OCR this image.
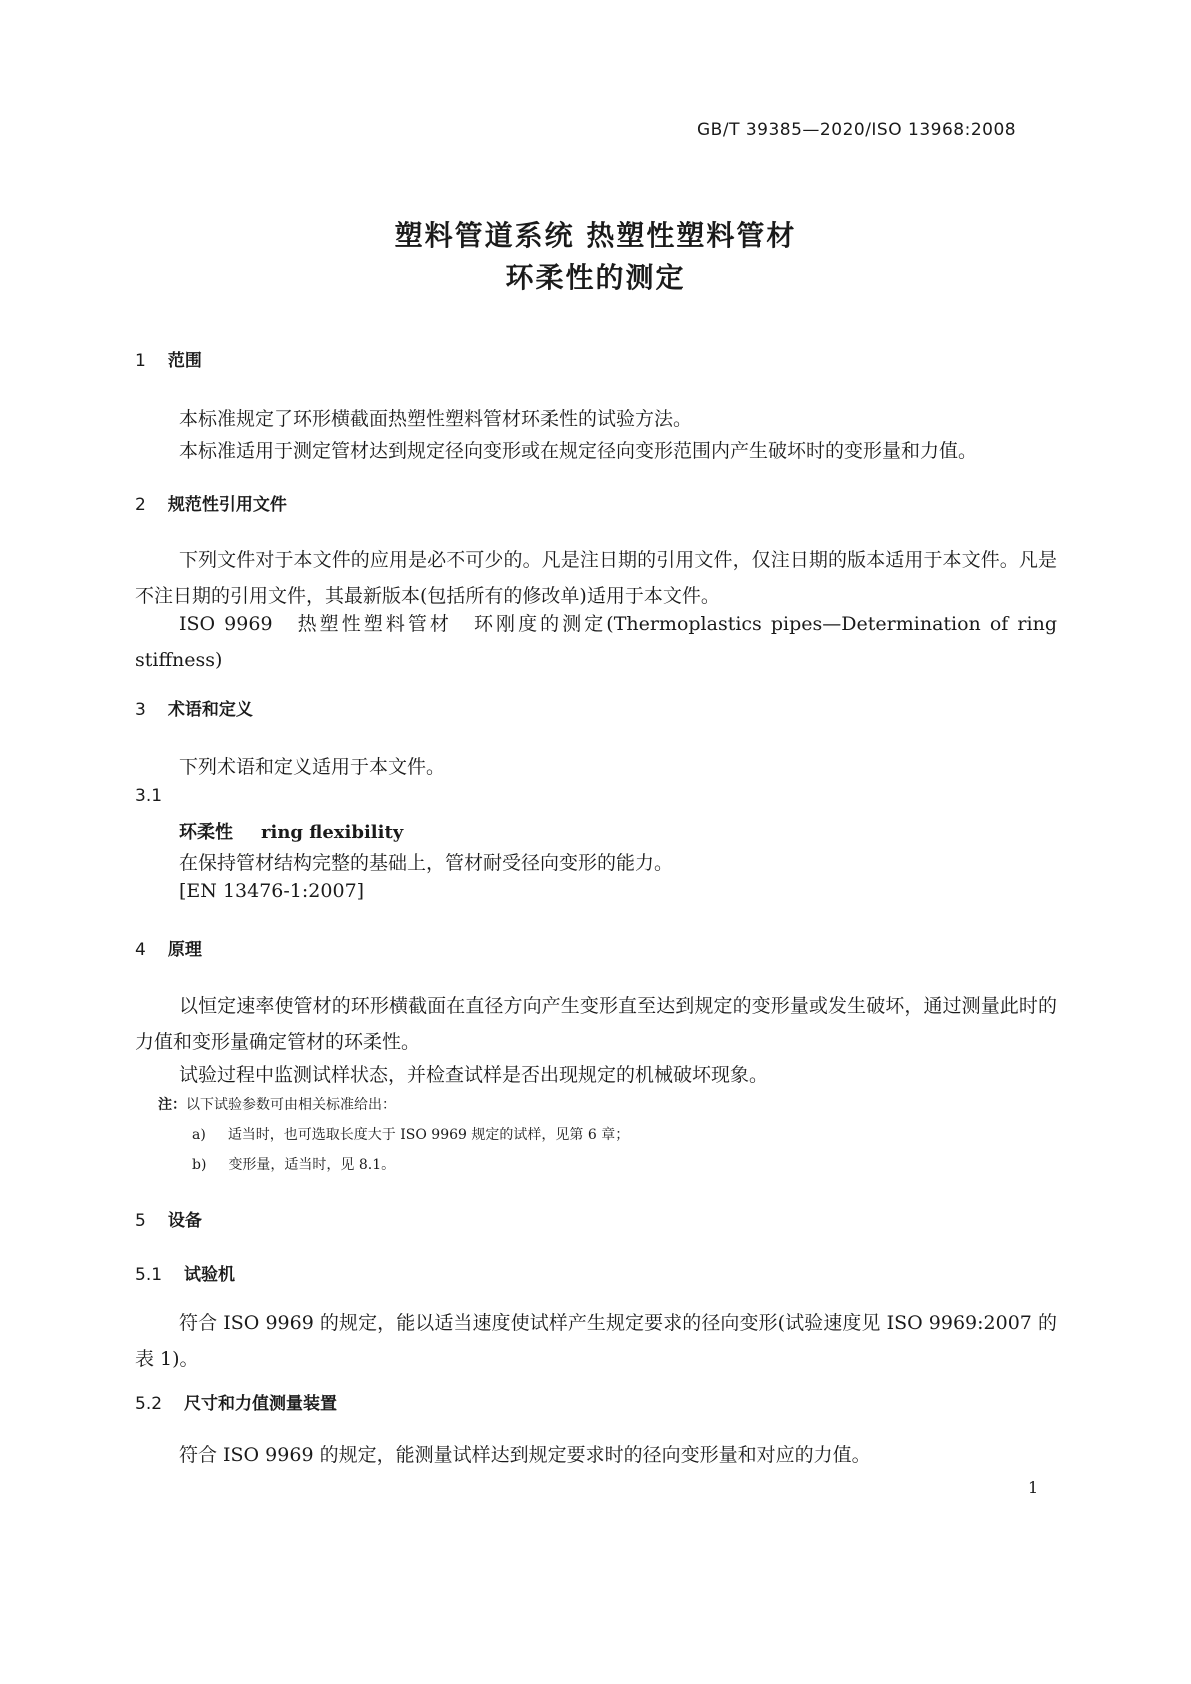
GB/T 39385—2020/ISO 13968:2008
塑料管道系统 热塑性塑料管材
环柔性的测定
1 范围
本标准规定了环形横截面热塑性塑料管材环柔性的试验方法。
本标准适用于测定管材达到规定径向变形或在规定径向变形范围内产生破坏时的变形量和力值。
2 规范性引用文件
下列文件对于本文件的应用是必不可少的。凡是注日期的引用文件，仅注日期的版本适用于本文件。凡是不注日期的引用文件，其最新版本(包括所有的修改单)适用于本文件。
ISO 9969　 热塑性塑料管材　环刚度的测定(Thermoplastics pipes—Determination of ring stiffness)
3 术语和定义
下列术语和定义适用于本文件。
3.1
环柔性 ring flexibility
在保持管材结构完整的基础上，管材耐受径向变形的能力。
[EN 13476-1:2007]
4 原理
以恒定速率使管材的环形横截面在直径方向产生变形直至达到规定的变形量或发生破坏，通过测量此时的力值和变形量确定管材的环柔性。
试验过程中监测试样状态，并检查试样是否出现规定的机械破坏现象。
注：以下试验参数可由相关标准给出：
a) 适当时，也可选取长度大于 ISO 9969 规定的试样，见第 6 章；
b) 变形量，适当时，见 8.1。
5 设备
5.1 试验机
符合 ISO 9969 的规定，能以适当速度使试样产生规定要求的径向变形(试验速度见 ISO 9969:2007 的表 1)。
5.2 尺寸和力值测量装置
符合 ISO 9969 的规定，能测量试样达到规定要求时的径向变形量和对应的力值。
1
